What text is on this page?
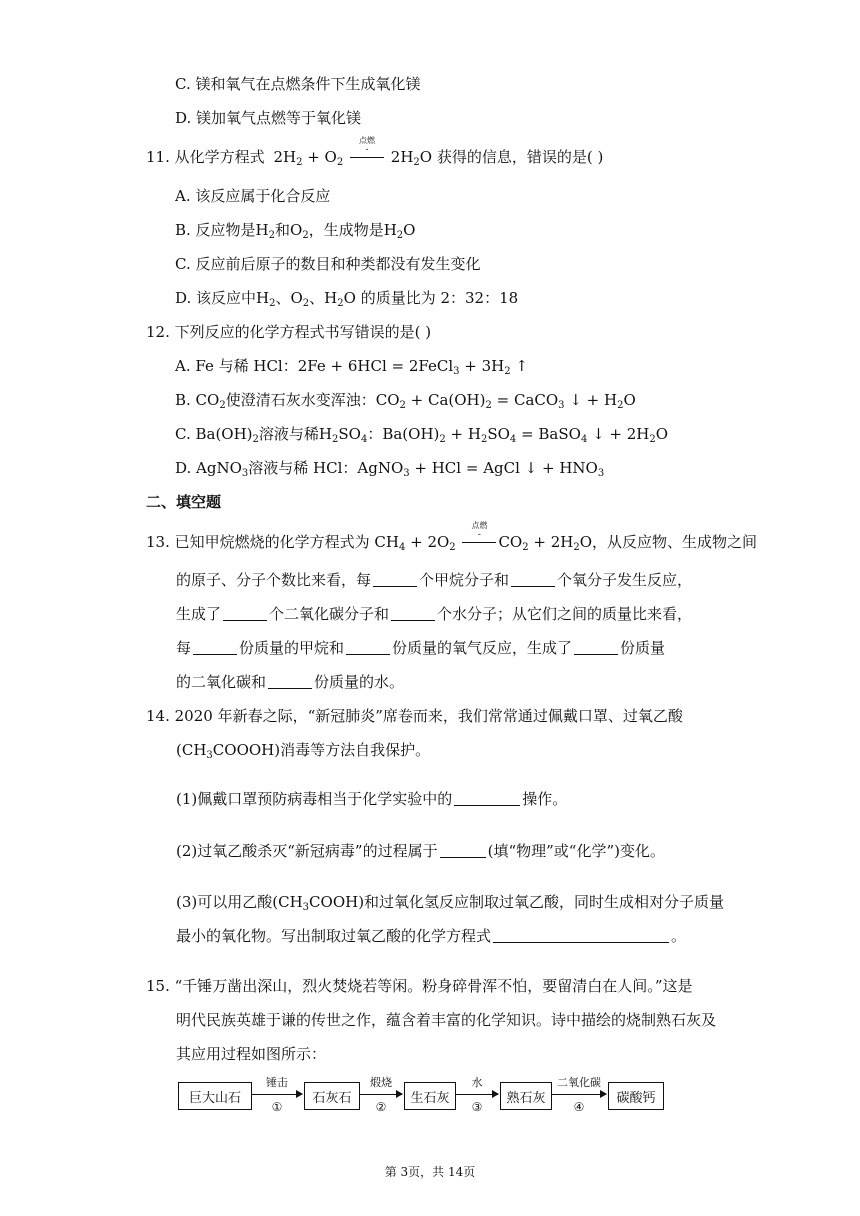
C. 镁和氧气在点燃条件下生成氧化镁
D. 镁加氧气点燃等于氧化镁
11. 从化学方程式 $2H_2 + O_2$
点燃
- $2H_2O$ 获得的信息，错误的是( )
A. 该反应属于化合反应
B. 反应物是$H_2$和$O_2$，生成物是$H_2O$
C. 反应前后原子的数目和种类都没有发生变化
D. 该反应中$H_2$、$O_2$、$H_2O$ 的质量比为 2：32：18
12. 下列反应的化学方程式书写错误的是( )
A. Fe 与稀 HCl：2Fe + 6HCl = 2FeCl$_3$ + $3H_2$ ↑
B. $CO_2$使澄清石灰水变浑浊：$CO_2 + Ca(OH)_2$ = CaCO$_3$ ↓ + $H_2O$
C. $Ba(OH)_2$溶液与稀$H_2SO_4$：$Ba(OH)_2 + H_2SO_4$ = BaSO$_4$ ↓ + $2H_2O$
D. AgNO$_3$溶液与稀 HCl：AgNO$_3$ + HCl = AgCl ↓ + $HNO_3$
二、填空题
13. 已知甲烷燃烧的化学方程式为 $CH_4 + 2O_2$
点燃
- $CO_2 + 2H_2O$，从反应物、生成物之间
的原子、分子个数比来看，每	个甲烷分子和	个氧分子发生反应，
生成了	个二氧化碳分子和	个水分子；从它们之间的质量比来看，
每	份质量的甲烷和	份质量的氧气反应，生成了	份质量
的二氧化碳和	份质量的水。
14. 2020 年新春之际，“新冠肺炎”席卷而来，我们常常通过佩戴口罩、过氧乙酸
$(CH_3COOOH)$消毒等方法自我保护。
(1)佩戴口罩预防病毒相当于化学实验中的	操作。
(2)过氧乙酸杀灭“新冠病毒”的过程属于	(填“物理”或“化学”)变化。
(3)可以用乙酸$(CH_3COOH)$和过氧化氢反应制取过氧乙酸，同时生成相对分子质量
最小的氧化物。写出制取过氧乙酸的化学方程式	。
15. “千锤万凿出深山，烈火焚烧若等闲。粉身碎骨浑不怕，要留清白在人间。”这是
明代民族英雄于谦的传世之作，蕴含着丰富的化学知识。诗中描绘的烧制熟石灰及
其应用过程如图所示：
巨大山石
锤击
①
石灰石
煅烧
②
生石灰
水
③
熟石灰
二氧化碳
④
碳酸钙
第 3页，共 14页
